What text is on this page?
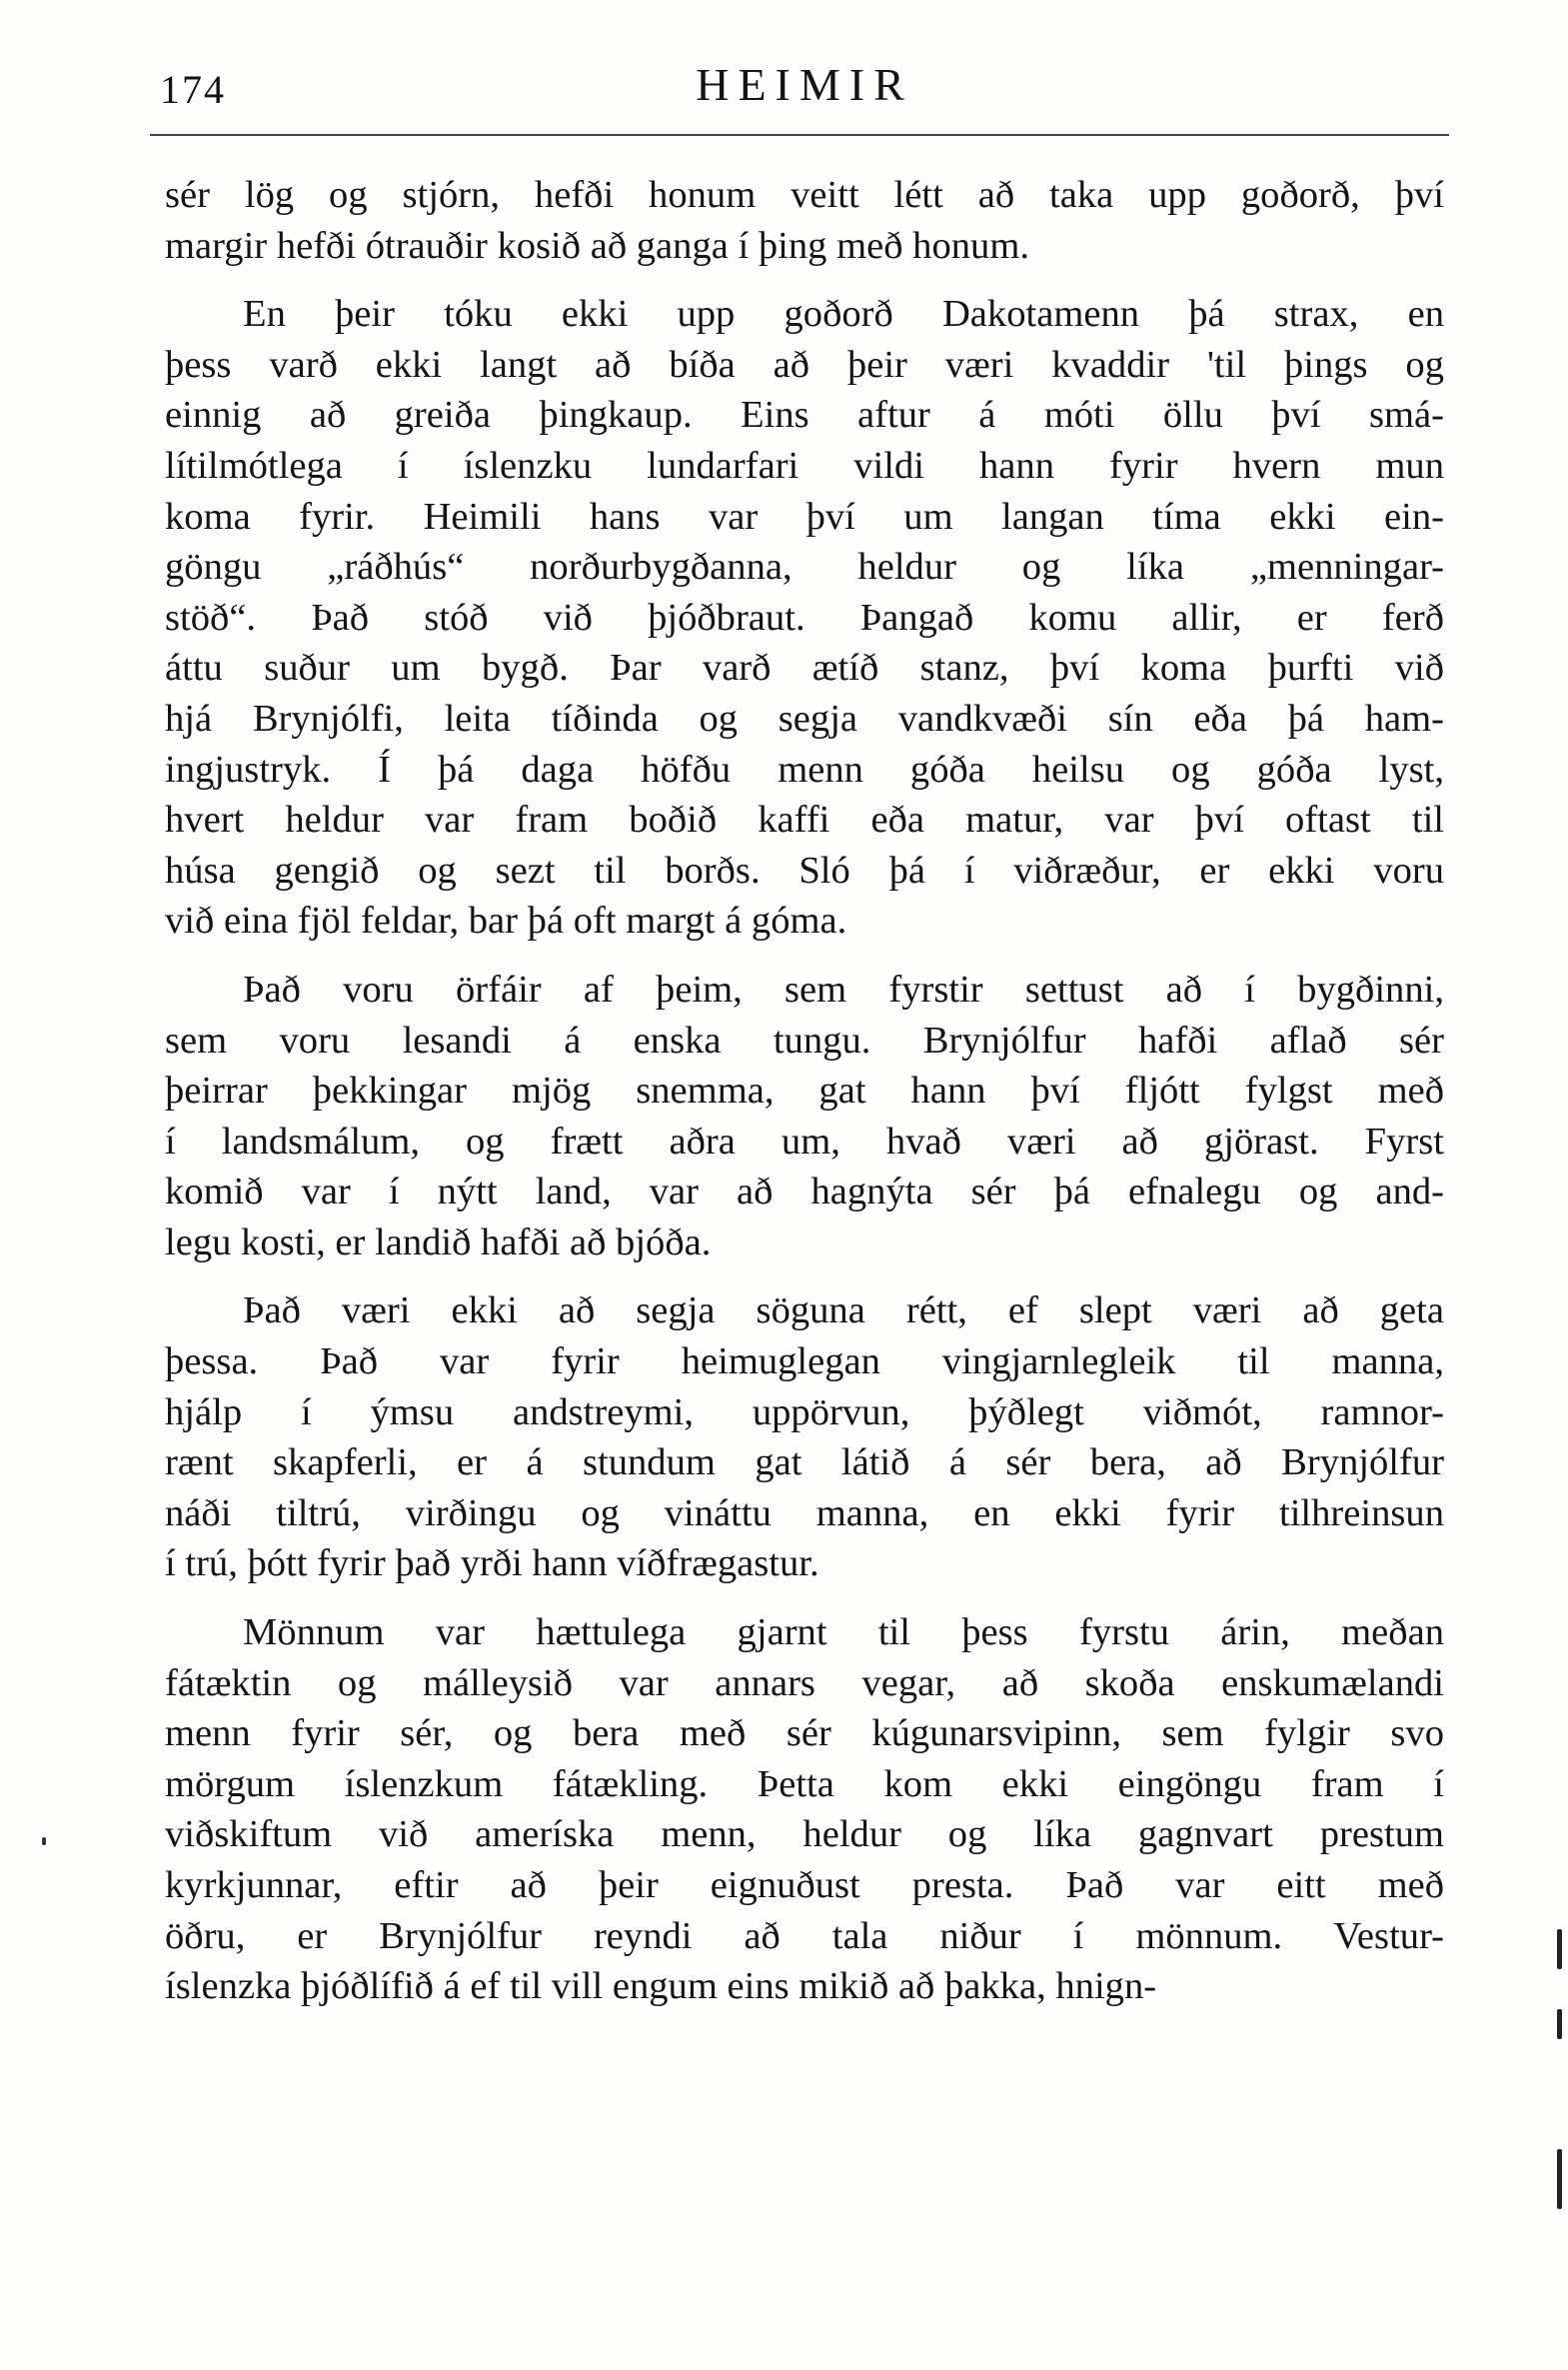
174	HEIMIR
sér lög og stjórn, hefði honum veitt létt að taka upp goðorð, því
margir hefði ótrauðir kosið að ganga í þing með honum.
En þeir tóku ekki upp goðorð Dakotamenn þá strax, en
þess varð ekki langt að bíða að þeir væri kvaddir 'til þings og
einnig að greiða þingkaup. Eins aftur á móti öllu því smá-
lítilmótlega í íslenzku lundarfari vildi hann fyrir hvern mun
koma fyrir. Heimili hans var því um langan tíma ekki ein-
göngu „ráðhús“ norðurbygðanna, heldur og líka „menningar-
stöð“. Það stóð við þjóðbraut. Þangað komu allir, er ferð
áttu suður um bygð. Þar varð ætíð stanz, því koma þurfti við
hjá Brynjólfi, leita tíðinda og segja vandkvæði sín eða þá ham-
ingjustryk. Í þá daga höfðu menn góða heilsu og góða lyst,
hvert heldur var fram boðið kaffi eða matur, var því oftast til
húsa gengið og sezt til borðs. Sló þá í viðræður, er ekki voru
við eina fjöl feldar, bar þá oft margt á góma.
Það voru örfáir af þeim, sem fyrstir settust að í bygðinni,
sem voru lesandi á enska tungu. Brynjólfur hafði aflað sér
þeirrar þekkingar mjög snemma, gat hann því fljótt fylgst með
í landsmálum, og frætt aðra um, hvað væri að gjörast. Fyrst
komið var í nýtt land, var að hagnýta sér þá efnalegu og and-
legu kosti, er landið hafði að bjóða.
Það væri ekki að segja söguna rétt, ef slept væri að geta
þessa. Það var fyrir heimuglegan vingjarnlegleik til manna,
hjálp í ýmsu andstreymi, uppörvun, þýðlegt viðmót, ramnor-
rænt skapferli, er á stundum gat látið á sér bera, að Brynjólfur
náði tiltrú, virðingu og vináttu manna, en ekki fyrir tilhreinsun
í trú, þótt fyrir það yrði hann víðfrægastur.
Mönnum var hættulega gjarnt til þess fyrstu árin, meðan
fátæktin og málleysið var annars vegar, að skoða enskumælandi
menn fyrir sér, og bera með sér kúgunarsvipinn, sem fylgir svo
mörgum íslenzkum fátækling. Þetta kom ekki eingöngu fram í
viðskiftum við ameríska menn, heldur og líka gagnvart prestum
kyrkjunnar, eftir að þeir eignuðust presta. Það var eitt með
öðru, er Brynjólfur reyndi að tala niður í mönnum. Vestur-
íslenzka þjóðlífið á ef til vill engum eins mikið að þakka, hnign-
